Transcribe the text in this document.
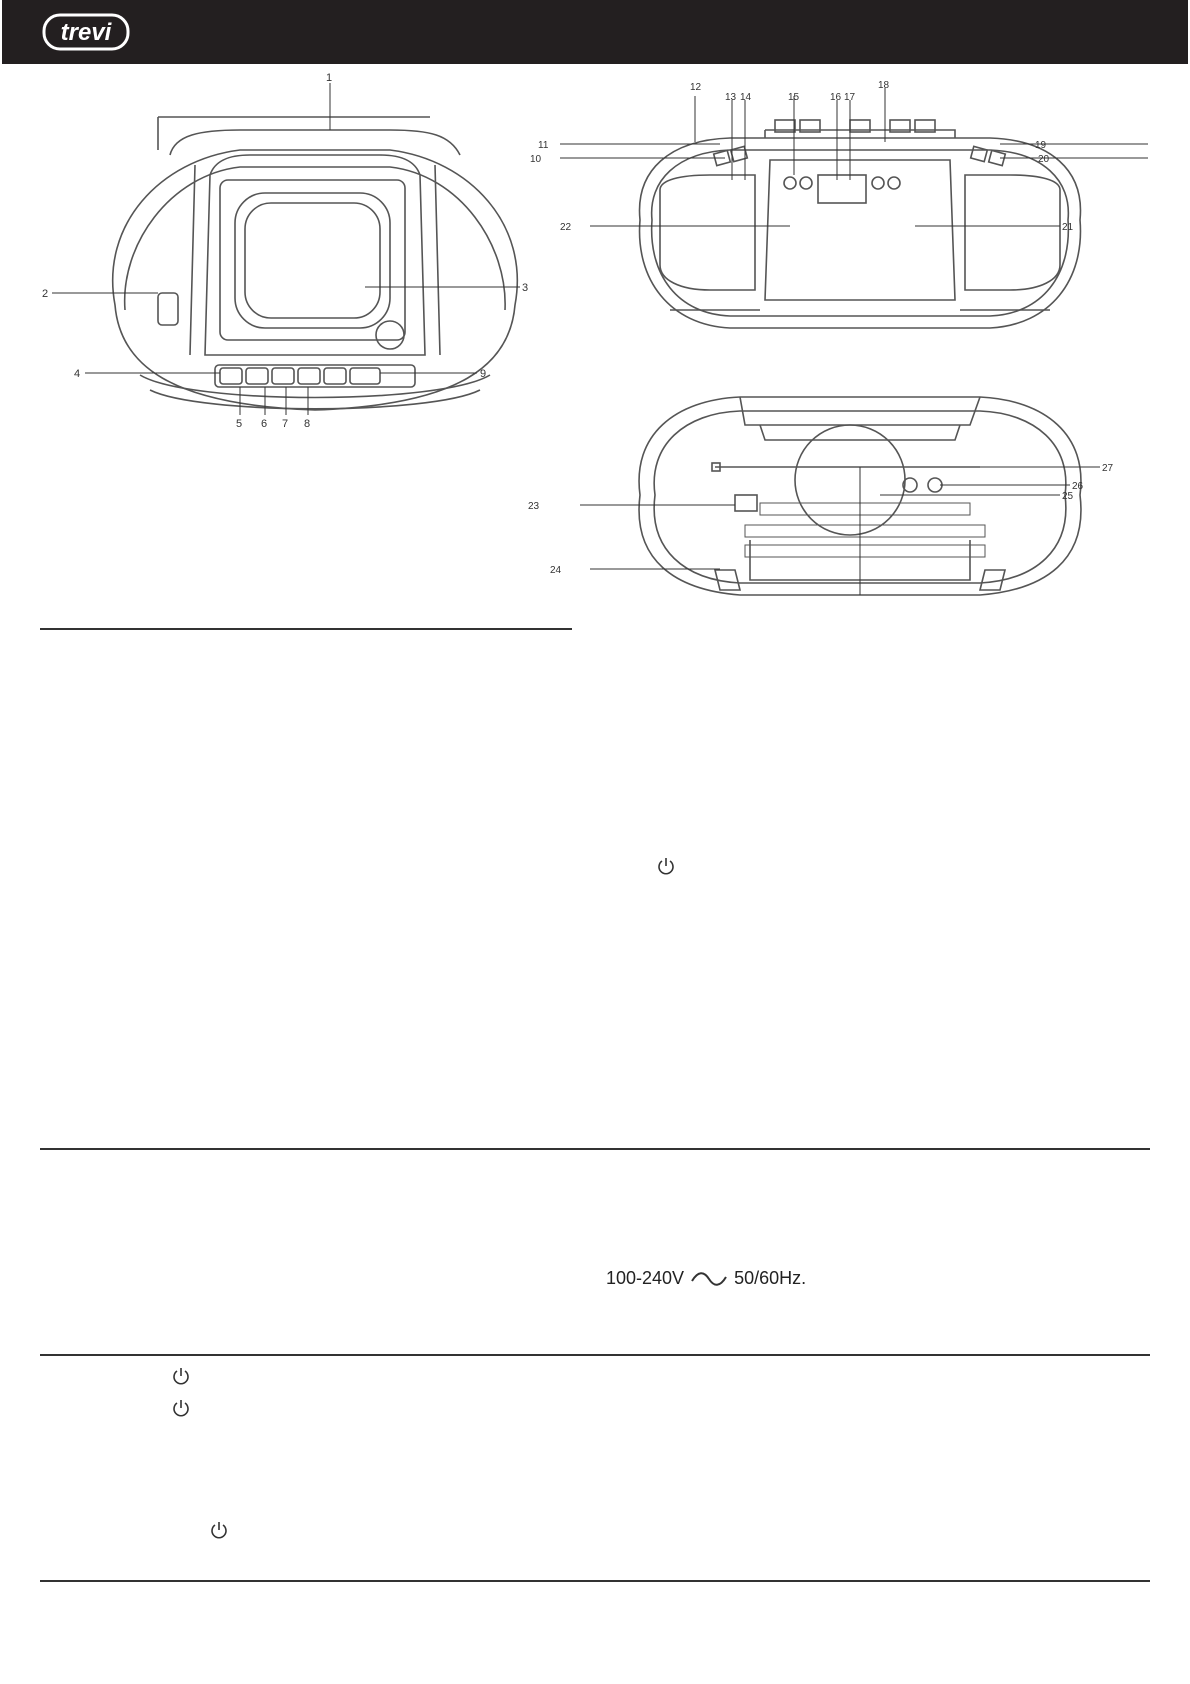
trevi
1
2	3
4
5 6 7 8
9
12
13 14	15	16 17
18
11
10
19
20
22	21
23
24
25
26
27
100-240V	50/60Hz.
